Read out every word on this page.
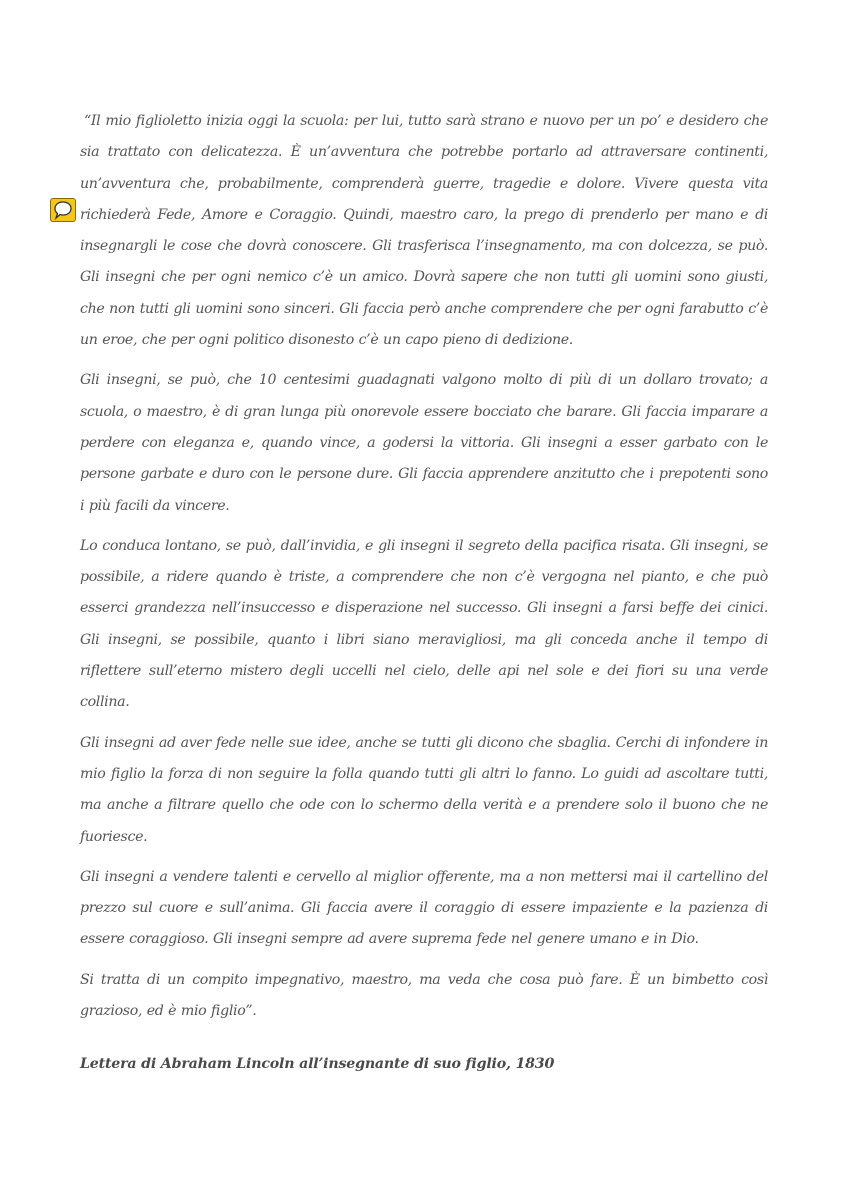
“Il mio figlioletto inizia oggi la scuola: per lui, tutto sarà strano e nuovo per un po’ e desidero che sia trattato con delicatezza. È un’avventura che potrebbe portarlo ad attraversare continenti, un’avventura che, probabilmente, comprenderà guerre, tragedie e dolore. Vivere questa vita richiederà Fede, Amore e Coraggio. Quindi, maestro caro, la prego di prenderlo per mano e di insegnargli le cose che dovrà conoscere. Gli trasferisca l’insegnamento, ma con dolcezza, se può. Gli insegni che per ogni nemico c’è un amico. Dovrà sapere che non tutti gli uomini sono giusti, che non tutti gli uomini sono sinceri. Gli faccia però anche comprendere che per ogni farabutto c’è un eroe, che per ogni politico disonesto c’è un capo pieno di dedizione.

Gli insegni, se può, che 10 centesimi guadagnati valgono molto di più di un dollaro trovato; a scuola, o maestro, è di gran lunga più onorevole essere bocciato che barare. Gli faccia imparare a perdere con eleganza e, quando vince, a godersi la vittoria. Gli insegni a esser garbato con le persone garbate e duro con le persone dure. Gli faccia apprendere anzitutto che i prepotenti sono i più facili da vincere.

Lo conduca lontano, se può, dall’invidia, e gli insegni il segreto della pacifica risata. Gli insegni, se possibile, a ridere quando è triste, a comprendere che non c’è vergogna nel pianto, e che può esserci grandezza nell’insuccesso e disperazione nel successo. Gli insegni a farsi beffe dei cinici. Gli insegni, se possibile, quanto i libri siano meravigliosi, ma gli conceda anche il tempo di riflettere sull’eterno mistero degli uccelli nel cielo, delle api nel sole e dei fiori su una verde collina.

Gli insegni ad aver fede nelle sue idee, anche se tutti gli dicono che sbaglia. Cerchi di infondere in mio figlio la forza di non seguire la folla quando tutti gli altri lo fanno. Lo guidi ad ascoltare tutti, ma anche a filtrare quello che ode con lo schermo della verità e a prendere solo il buono che ne fuoriesce.

Gli insegni a vendere talenti e cervello al miglior offerente, ma a non mettersi mai il cartellino del prezzo sul cuore e sull’anima. Gli faccia avere il coraggio di essere impaziente e la pazienza di essere coraggioso. Gli insegni sempre ad avere suprema fede nel genere umano e in Dio.

Si tratta di un compito impegnativo, maestro, ma veda che cosa può fare. È un bimbetto così grazioso, ed è mio figlio”.

Lettera di Abraham Lincoln all’insegnante di suo figlio, 1830
